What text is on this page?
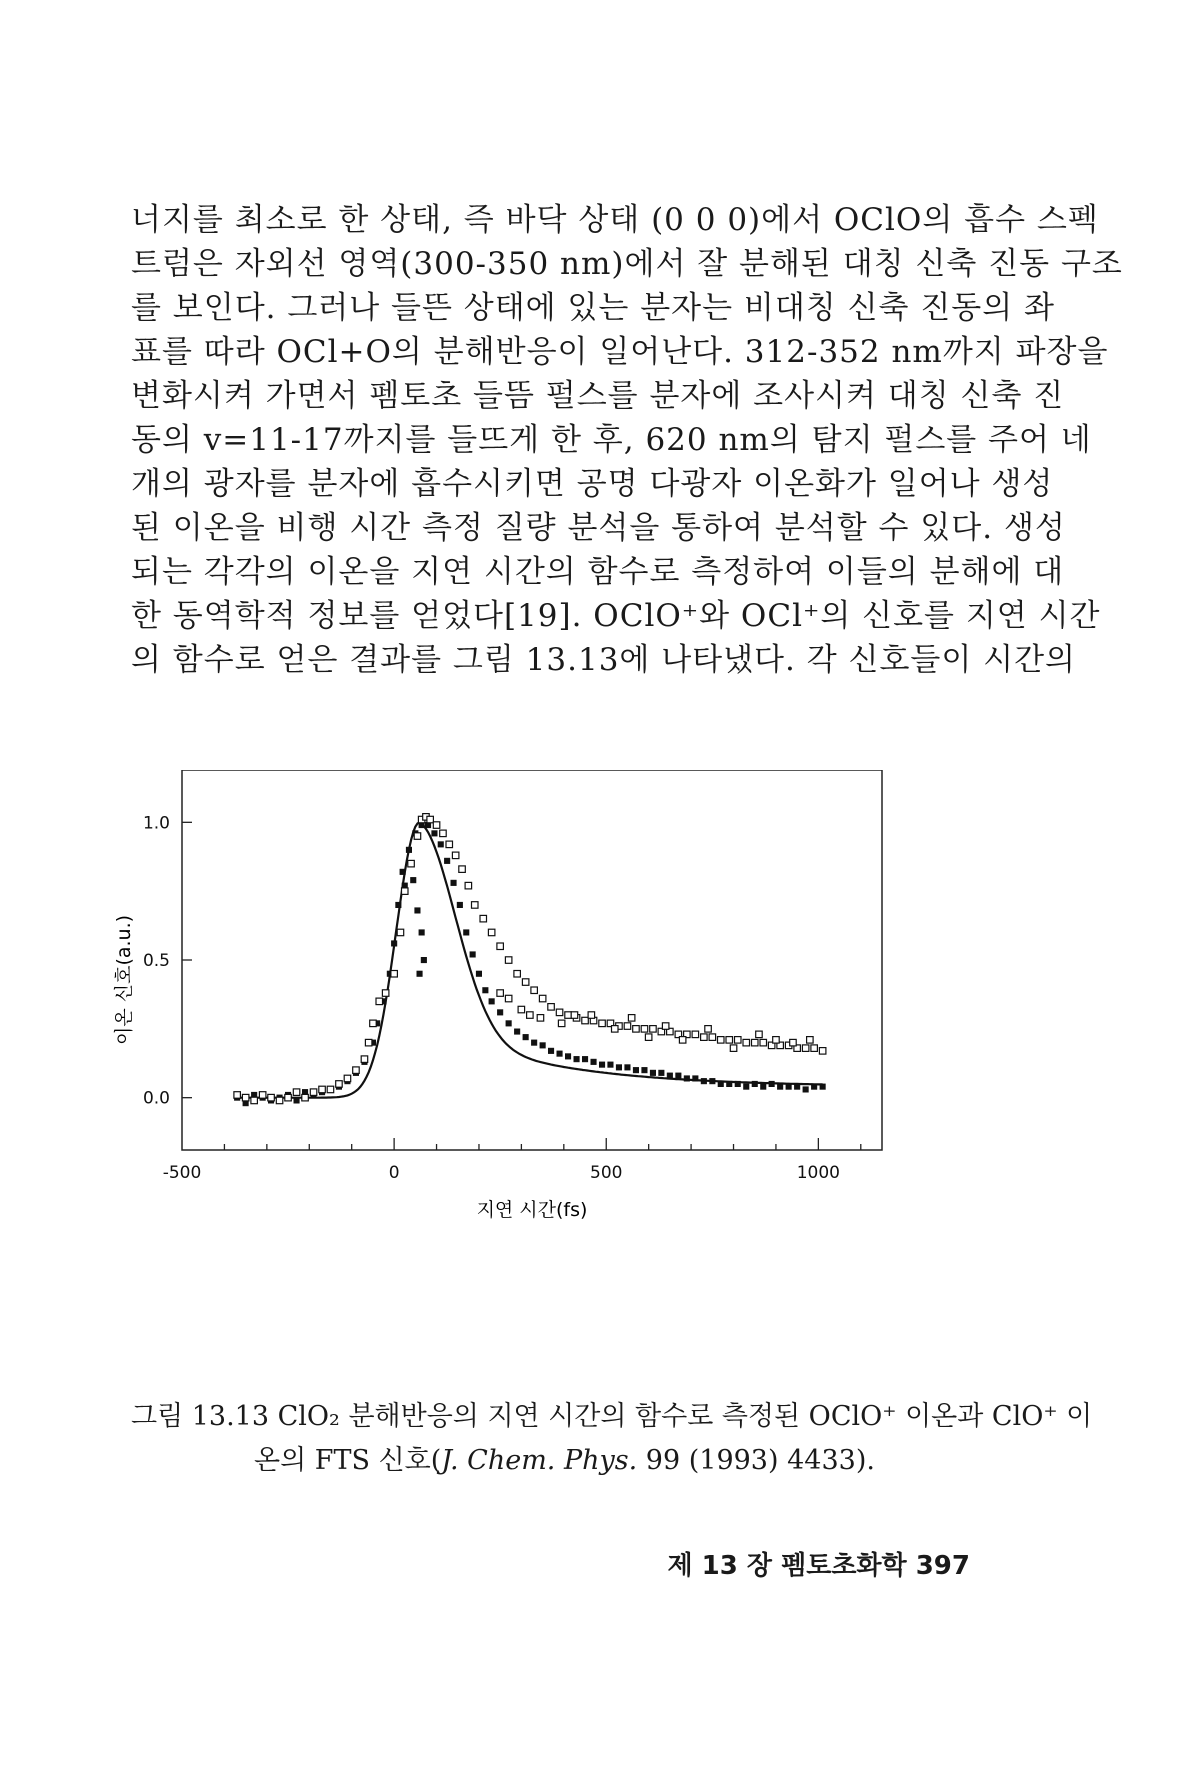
너지를 최소로 한 상태, 즉 바닥 상태 (0 0 0)에서 OClO의 흡수 스펙
트럼은 자외선 영역(300-350 nm)에서 잘 분해된 대칭 신축 진동 구조
를 보인다. 그러나 들뜬 상태에 있는 분자는 비대칭 신축 진동의 좌
표를 따라 OCl+O의 분해반응이 일어난다. 312-352 nm까지 파장을
변화시켜 가면서 펨토초 들뜸 펄스를 분자에 조사시켜 대칭 신축 진
동의 v=11-17까지를 들뜨게 한 후, 620 nm의 탐지 펄스를 주어 네
개의 광자를 분자에 흡수시키면 공명 다광자 이온화가 일어나 생성
된 이온을 비행 시간 측정 질량 분석을 통하여 분석할 수 있다. 생성
되는 각각의 이온을 지연 시간의 함수로 측정하여 이들의 분해에 대
한 동역학적 정보를 얻었다[19]. OClO⁺와 OCl⁺의 신호를 지연 시간
의 함수로 얻은 결과를 그림 13.13에 나타냈다. 각 신호들이 시간의
-500	0	500	1000
1.0
0.5
0.0
지연 시간(fs)
이온 신호(a.u.)
그림 13.13 ClO₂ 분해반응의 지연 시간의 함수로 측정된 OClO⁺ 이온과 ClO⁺ 이
온의 FTS 신호(J. Chem. Phys. 99 (1993) 4433).
제 13 장 펨토초화학 397
